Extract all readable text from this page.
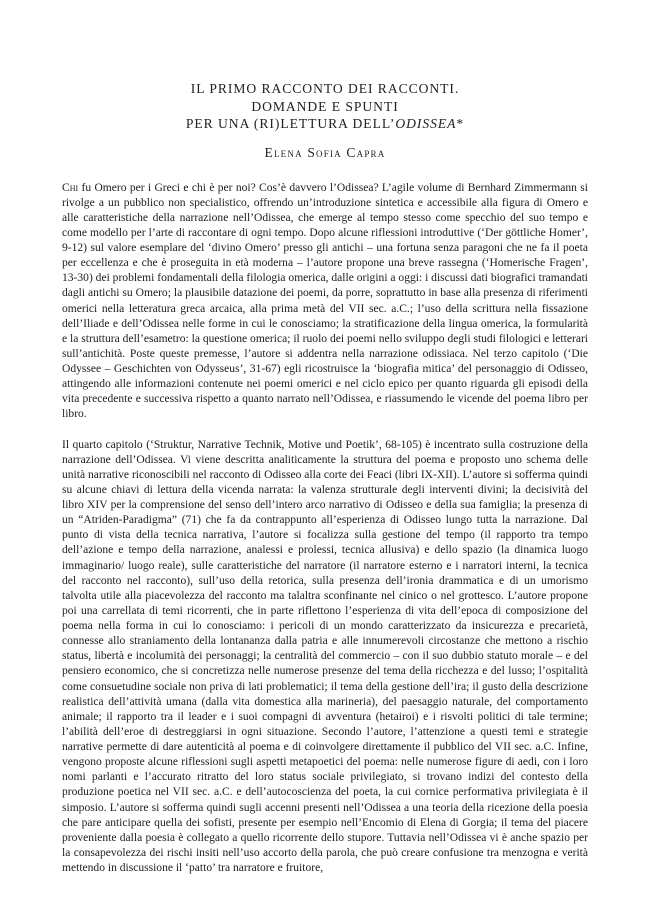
IL PRIMO RACCONTO DEI RACCONTI.
DOMANDE E SPUNTI
PER UNA (RI)LETTURA DELL’ODISSEA*
Elena Sofia Capra

Chi fu Omero per i Greci e chi è per noi? Cos’è davvero l’Odissea? L’agile volume di Bernhard Zimmermann si rivolge a un pubblico non specialistico, offrendo un’introduzione sintetica e accessibile alla figura di Omero e alle caratteristiche della narrazione nell’Odissea, che emerge al tempo stesso come specchio del suo tempo e come modello per l’arte di raccontare di ogni tempo. Dopo alcune riflessioni introduttive (‘Der göttliche Homer’, 9-12) sul valore esemplare del ‘divino Omero’ presso gli antichi – una fortuna senza paragoni che ne fa il poeta per eccellenza e che è proseguita in età moderna – l’autore propone una breve rassegna (‘Homerische Fragen’, 13-30) dei problemi fondamentali della filologia omerica, dalle origini a oggi: i discussi dati biografici tramandati dagli antichi su Omero; la plausibile datazione dei poemi, da porre, soprattutto in base alla presenza di riferimenti omerici nella letteratura greca arcaica, alla prima metà del VII sec. a.C.; l’uso della scrittura nella fissazione dell’Iliade e dell’Odissea nelle forme in cui le conosciamo; la stratificazione della lingua omerica, la formularità e la struttura dell’esametro: la questione omerica; il ruolo dei poemi nello sviluppo degli studi filologici e letterari sull’antichità. Poste queste premesse, l’autore si addentra nella narrazione odissiaca. Nel terzo capitolo (‘Die Odyssee – Geschichten von Odysseus’, 31-67) egli ricostruisce la ‘biografia mitica’ del personaggio di Odisseo, attingendo alle informazioni contenute nei poemi omerici e nel ciclo epico per quanto riguarda gli episodi della vita precedente e successiva rispetto a quanto narrato nell’Odissea, e riassumendo le vicende del poema libro per libro.

Il quarto capitolo (‘Struktur, Narrative Technik, Motive und Poetik’, 68-105) è incentrato sulla costruzione della narrazione dell’Odissea. Vi viene descritta analiticamente la struttura del poema e proposto uno schema delle unità narrative riconoscibili nel racconto di Odisseo alla corte dei Feaci (libri IX-XII). L’autore si sofferma quindi su alcune chiavi di lettura della vicenda narrata: la valenza strutturale degli interventi divini; la decisività del libro XIV per la comprensione del senso dell’intero arco narrativo di Odisseo e della sua famiglia; la presenza di un “Atriden-Paradigma” (71) che fa da contrappunto all’esperienza di Odisseo lungo tutta la narrazione. Dal punto di vista della tecnica narrativa, l’autore si focalizza sulla gestione del tempo (il rapporto tra tempo dell’azione e tempo della narrazione, analessi e prolessi, tecnica allusiva) e dello spazio (la dinamica luogo immaginario/ luogo reale), sulle caratteristiche del narratore (il narratore esterno e i narratori interni, la tecnica del racconto nel racconto), sull’uso della retorica, sulla presenza dell’ironia drammatica e di un umorismo talvolta utile alla piacevolezza del racconto ma talaltra sconfinante nel cinico o nel grottesco. L’autore propone poi una carrellata di temi ricorrenti, che in parte riflettono l’esperienza di vita dell’epoca di composizione del poema nella forma in cui lo conosciamo: i pericoli di un mondo caratterizzato da insicurezza e precarietà, connesse allo straniamento della lontananza dalla patria e alle innumerevoli circostanze che mettono a rischio status, libertà e incolumità dei personaggi; la centralità del commercio – con il suo dubbio statuto morale – e del pensiero economico, che si concretizza nelle numerose presenze del tema della ricchezza e del lusso; l’ospitalità come consuetudine sociale non priva di lati problematici; il tema della gestione dell’ira; il gusto della descrizione realistica dell’attività umana (dalla vita domestica alla marineria), del paesaggio naturale, del comportamento animale; il rapporto tra il leader e i suoi compagni di avventura (hetairoi) e i risvolti politici di tale termine; l’abilità dell’eroe di destreggiarsi in ogni situazione. Secondo l’autore, l’attenzione a questi temi e strategie narrative permette di dare autenticità al poema e di coinvolgere direttamente il pubblico del VII sec. a.C. Infine, vengono proposte alcune riflessioni sugli aspetti metapoetici del poema: nelle numerose figure di aedi, con i loro nomi parlanti e l’accurato ritratto del loro status sociale privilegiato, si trovano indizi del contesto della produzione poetica nel VII sec. a.C. e dell’autocoscienza del poeta, la cui cornice performativa privilegiata è il simposio. L’autore si sofferma quindi sugli accenni presenti nell’Odissea a una teoria della ricezione della poesia che pare anticipare quella dei sofisti, presente per esempio nell’Encomio di Elena di Gorgia; il tema del piacere proveniente dalla poesia è collegato a quello ricorrente dello stupore. Tuttavia nell’Odissea vi è anche spazio per la consapevolezza dei rischi insiti nell’uso accorto della parola, che può creare confusione tra menzogna e verità mettendo in discussione il ‘patto’ tra narratore e fruitore,
